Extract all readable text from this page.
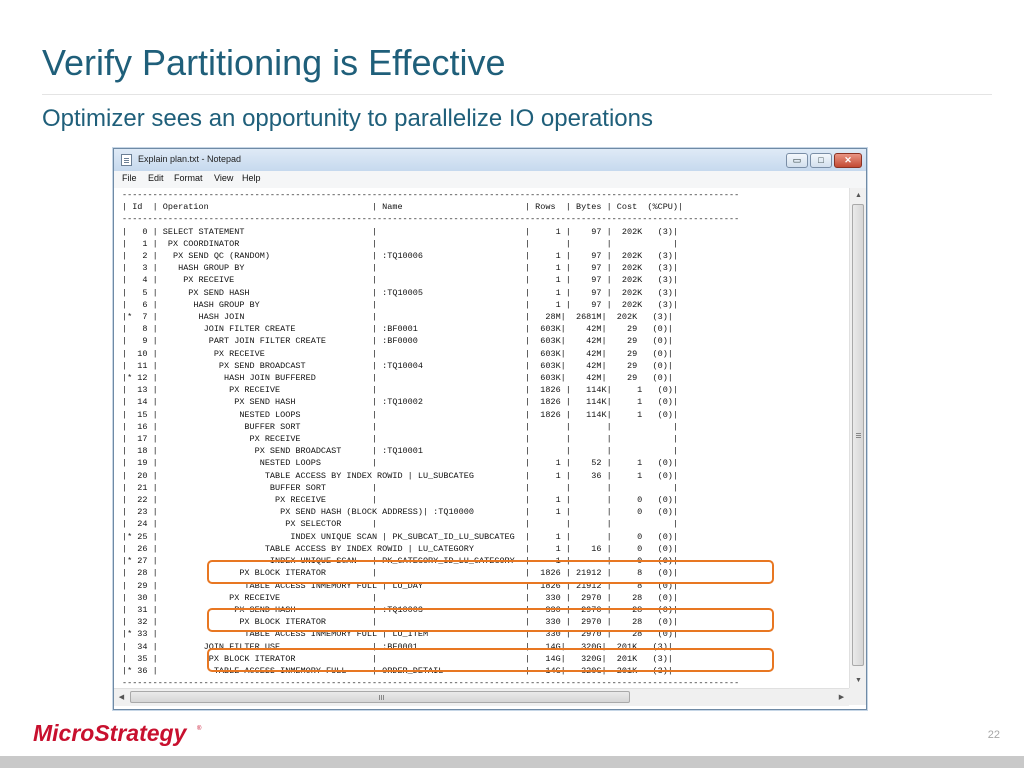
Verify Partitioning is Effective
Optimizer sees an opportunity to parallelize IO operations
Explain plan.txt - Notepad	▭	□	✕
File Edit Format View Help
-------------------------------------------------------------------------------------------------------------------------
| Id  | Operation                                | Name                        | Rows  | Bytes | Cost  (%CPU)|
-------------------------------------------------------------------------------------------------------------------------
|   0 | SELECT STATEMENT                         |                             |     1 |    97 |  202K   (3)|
|   1 |  PX COORDINATOR                          |                             |       |       |            |
|   2 |   PX SEND QC (RANDOM)                    | :TQ10006                    |     1 |    97 |  202K   (3)|
|   3 |    HASH GROUP BY                         |                             |     1 |    97 |  202K   (3)|
|   4 |     PX RECEIVE                           |                             |     1 |    97 |  202K   (3)|
|   5 |      PX SEND HASH                        | :TQ10005                    |     1 |    97 |  202K   (3)|
|   6 |       HASH GROUP BY                      |                             |     1 |    97 |  202K   (3)|
|*  7 |        HASH JOIN                         |                             |   28M|  2681M|  202K   (3)|
|   8 |         JOIN FILTER CREATE               | :BF0001                     |  603K|    42M|    29   (0)|
|   9 |          PART JOIN FILTER CREATE         | :BF0000                     |  603K|    42M|    29   (0)|
|  10 |           PX RECEIVE                     |                             |  603K|    42M|    29   (0)|
|  11 |            PX SEND BROADCAST             | :TQ10004                    |  603K|    42M|    29   (0)|
|* 12 |             HASH JOIN BUFFERED           |                             |  603K|    42M|    29   (0)|
|  13 |              PX RECEIVE                  |                             |  1826 |   114K|     1   (0)|
|  14 |               PX SEND HASH               | :TQ10002                    |  1826 |   114K|     1   (0)|
|  15 |                NESTED LOOPS              |                             |  1826 |   114K|     1   (0)|
|  16 |                 BUFFER SORT              |                             |       |       |            |
|  17 |                  PX RECEIVE              |                             |       |       |            |
|  18 |                   PX SEND BROADCAST      | :TQ10001                    |       |       |            |
|  19 |                    NESTED LOOPS          |                             |     1 |    52 |     1   (0)|
|  20 |                     TABLE ACCESS BY INDEX ROWID | LU_SUBCATEG          |     1 |    36 |     1   (0)|
|  21 |                      BUFFER SORT         |                             |       |       |            |
|  22 |                       PX RECEIVE         |                             |     1 |       |     0   (0)|
|  23 |                        PX SEND HASH (BLOCK ADDRESS)| :TQ10000          |     1 |       |     0   (0)|
|  24 |                         PX SELECTOR      |                             |       |       |            |
|* 25 |                          INDEX UNIQUE SCAN | PK_SUBCAT_ID_LU_SUBCATEG  |     1 |       |     0   (0)|
|  26 |                     TABLE ACCESS BY INDEX ROWID | LU_CATEGORY          |     1 |    16 |     0   (0)|
|* 27 |                      INDEX UNIQUE SCAN   | PK_CATEGORY_ID_LU_CATEGORY  |     1 |       |     0   (0)|
|  28 |                PX BLOCK ITERATOR         |                             |  1826 | 21912 |     8   (0)|
|  29 |                 TABLE ACCESS INMEMORY FULL | LU_DAY                    |  1826 | 21912 |     8   (0)|
|  30 |              PX RECEIVE                  |                             |   330 |  2970 |    28   (0)|
|  31 |               PX SEND HASH               | :TQ10003                    |   330 |  2970 |    28   (0)|
|  32 |                PX BLOCK ITERATOR         |                             |   330 |  2970 |    28   (0)|
|* 33 |                 TABLE ACCESS INMEMORY FULL | LU_ITEM                   |   330 |  2970 |    28   (0)|
|  34 |         JOIN FILTER USE                  | :BF0001                     |   14G|   320G|  201K   (3)|
|  35 |          PX BLOCK ITERATOR               |                             |   14G|   320G|  201K   (3)|
|* 36 |           TABLE ACCESS INMEMORY FULL     | ORDER_DETAIL                |   14G|   320G|  201K   (3)|
-------------------------------------------------------------------------------------------------------------------------
▲
▼
◀	▶
MicroStrategy ®	22
